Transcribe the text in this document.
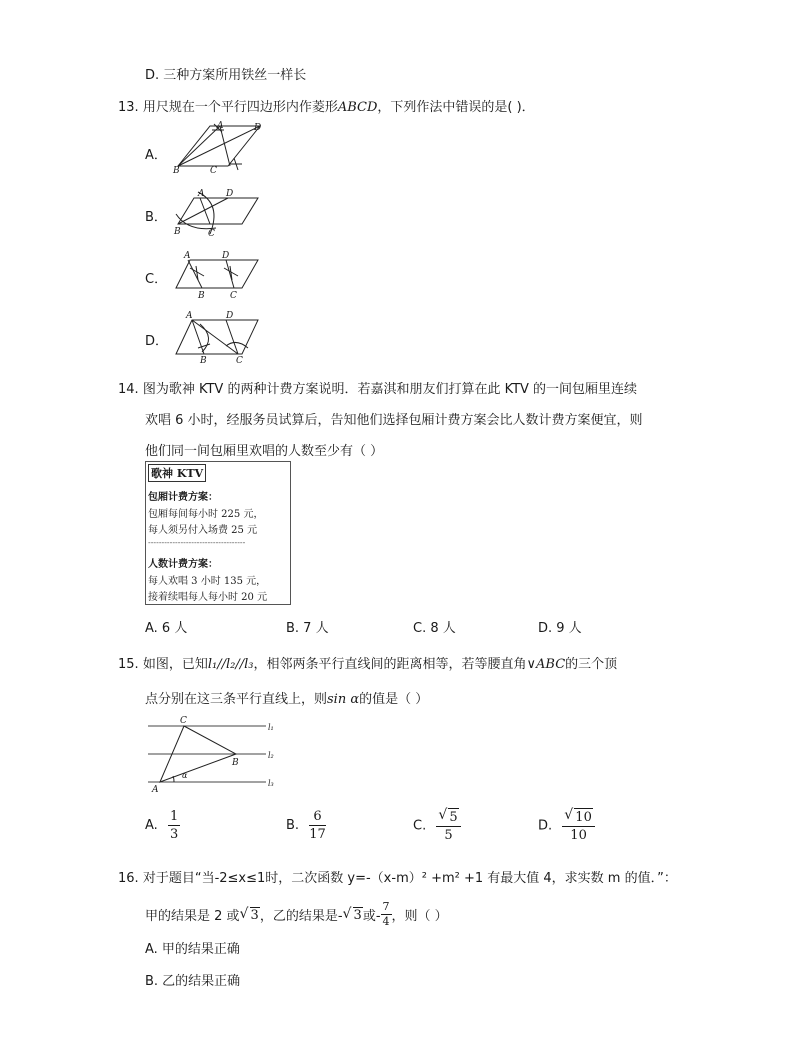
D. 三种方案所用铁丝一样长
13. 用尺规在一个平行四边形内作菱形ABCD，下列作法中错误的是( )．
A．
A	D
B	C
B．
A D
B	C
C．
A	D
B	C
D．
A	D
B	C
14. 图为歌神 KTV 的两种计费方案说明．若嘉淇和朋友们打算在此 KTV 的一间包厢里连续
欢唱 6 小时，经服务员试算后，告知他们选择包厢计费方案会比人数计费方案便宜，则
他们同一间包厢里欢唱的人数至少有（ ）
歌神 KTV
包厢计费方案：
包厢每间每小时 225 元，
每人须另付入场费 25 元
------------------------------------
人数计费方案：
每人欢唱 3 小时 135 元，
接着续唱每人每小时 20 元
A. 6 人	B. 7 人	C. 8 人	D. 9 人
15. 如图，已知l₁//l₂//l₃，相邻两条平行直线间的距离相等，若等腰直角∨ABC的三个顶
点分别在这三条平行直线上，则sin α的值是（ ）
C
B
A
α
l₁
l₂
l₃
A. $\frac{1}{3}$	B. $\frac{6}{17}$	C. √ $\frac{5}{5}$	D. √ $\frac{10}{10}$
16. 对于题目“当-2≤x≤1时，二次函数 y=-（x-m）² +m² +1 有最大值 4，求实数 m 的值．”：
甲的结果是 2 或 √ 3，乙的结果是- √ 3或- $\frac{7}{4}$ ，则（ ）
A. 甲的结果正确
B. 乙的结果正确
